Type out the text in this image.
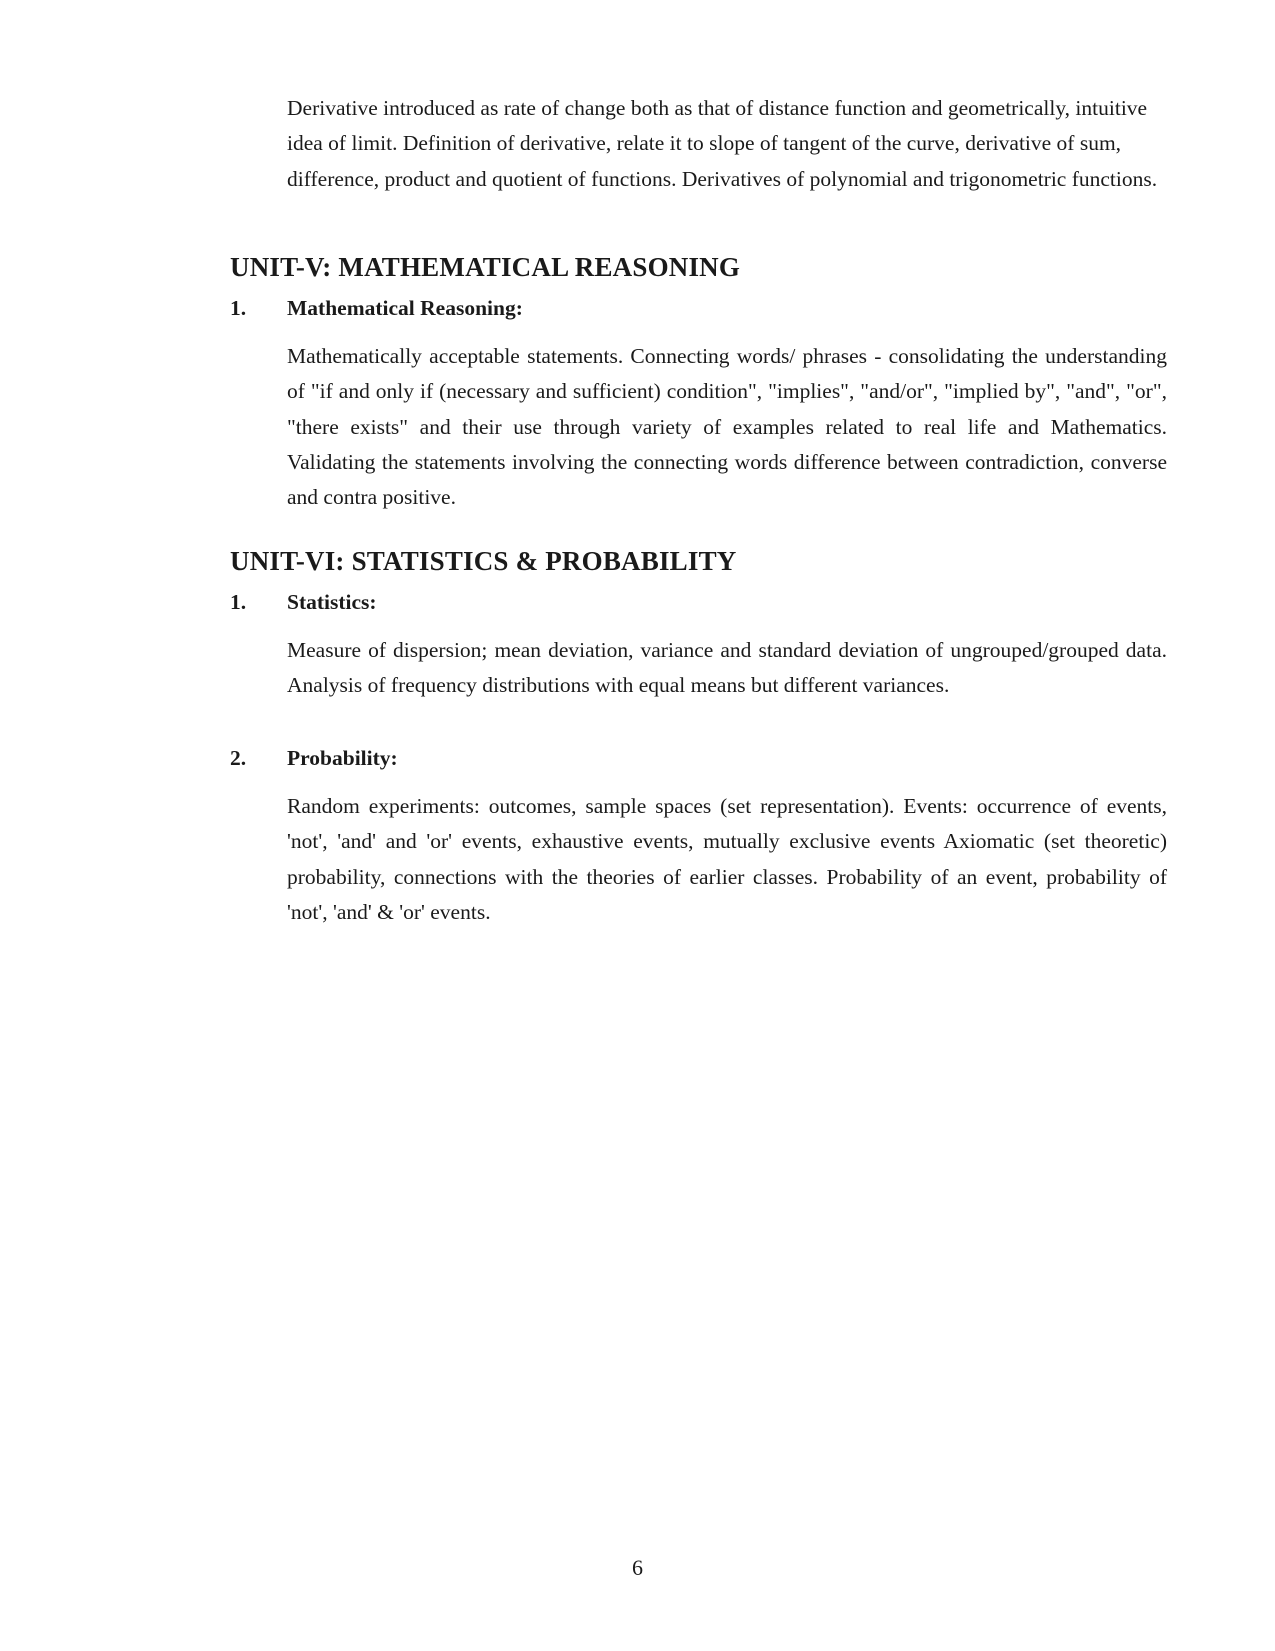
Derivative introduced as rate of change both as that of distance function and geometrically, intuitive idea of limit. Definition of derivative, relate it to slope of tangent of the curve, derivative of sum, difference, product and quotient of functions. Derivatives of polynomial and trigonometric functions.

UNIT-V: MATHEMATICAL REASONING
1. Mathematical Reasoning:

Mathematically acceptable statements. Connecting words/ phrases - consolidating the understanding of "if and only if (necessary and sufficient) condition", "implies", "and/or", "implied by", "and", "or", "there exists" and their use through variety of examples related to real life and Mathematics. Validating the statements involving the connecting words difference between contradiction, converse and contra positive.

UNIT-VI: STATISTICS & PROBABILITY
1. Statistics:

Measure of dispersion; mean deviation, variance and standard deviation of ungrouped/grouped data. Analysis of frequency distributions with equal means but different variances.

2. Probability:

Random experiments: outcomes, sample spaces (set representation). Events: occurrence of events, 'not', 'and' and 'or' events, exhaustive events, mutually exclusive events Axiomatic (set theoretic) probability, connections with the theories of earlier classes. Probability of an event, probability of 'not', 'and' & 'or' events.

6
